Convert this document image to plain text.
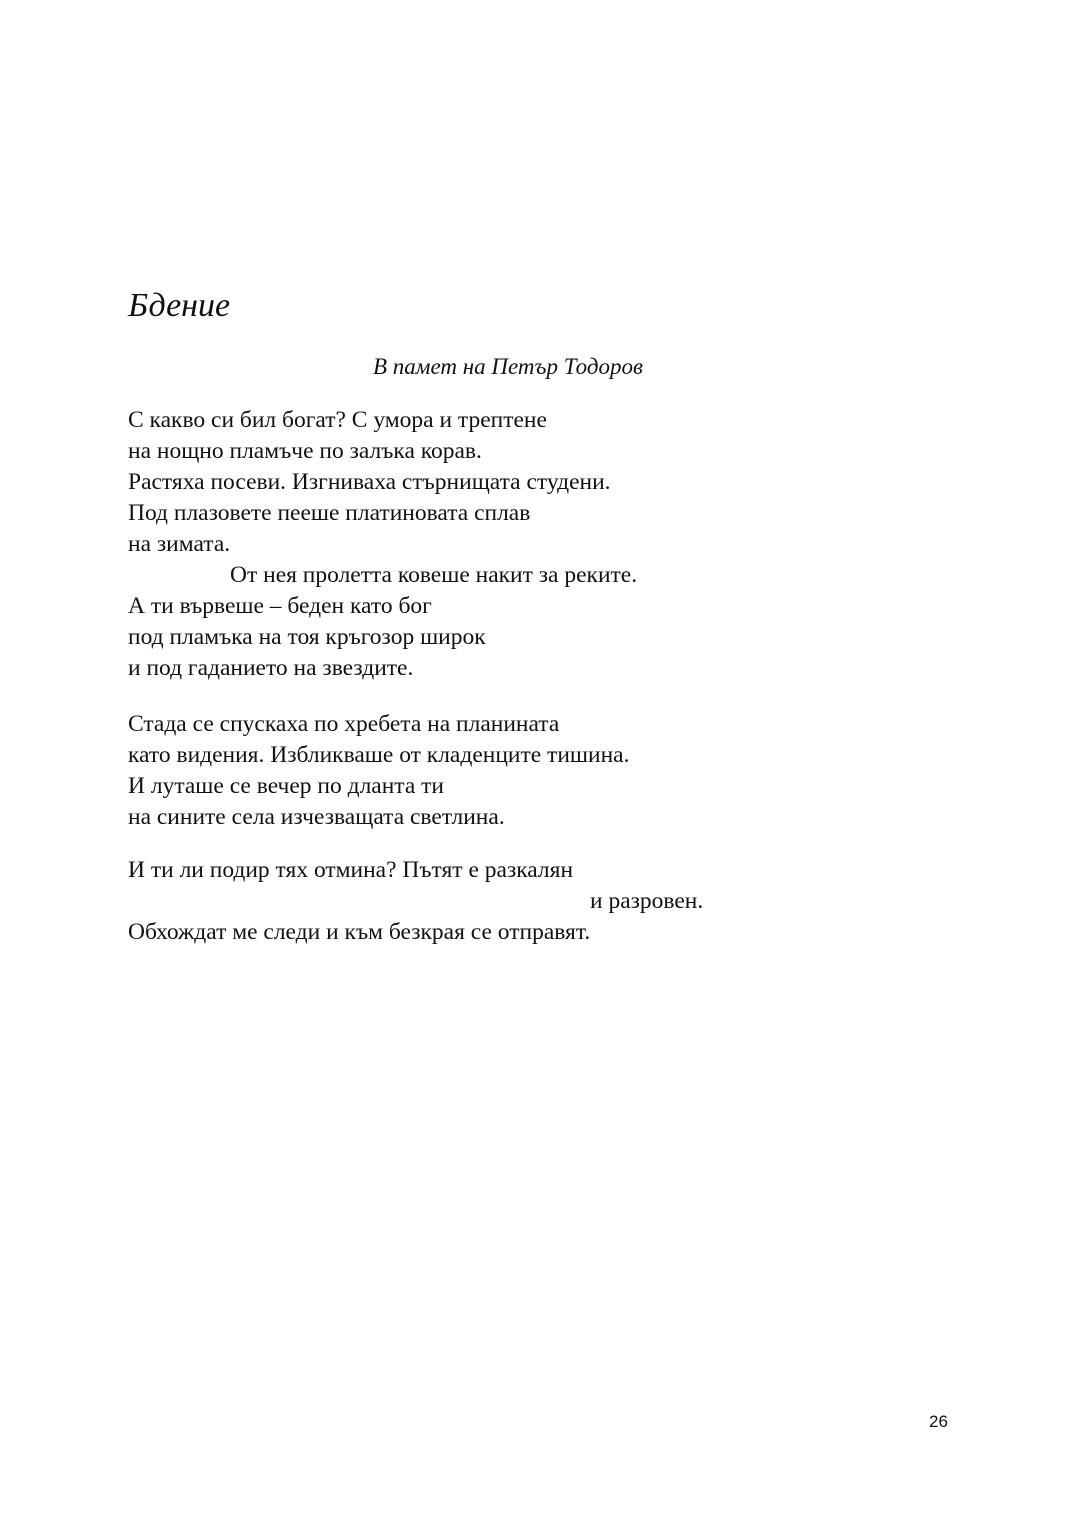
Бдение
В памет на Петър Тодоров
С какво си бил богат? С умора и трептене
на нощно пламъче по залъка корав.
Растяха посеви. Изгниваха стърнищата студени.
Под плазовете пееше платиновата сплав
на зимата.
От нея пролетта ковеше накит за реките.
А ти вървеше – беден като бог
под пламъка на тоя кръгозор широк
и под гаданието на звездите.
Стада се спускаха по хребета на планината
като видения. Избликваше от кладенците тишина.
И луташе се вечер по дланта ти
на сините села изчезващата светлина.
И ти ли подир тях отмина? Пътят е разкалян
и разровен.
Обхождат ме следи и към безкрая се отправят.
26
